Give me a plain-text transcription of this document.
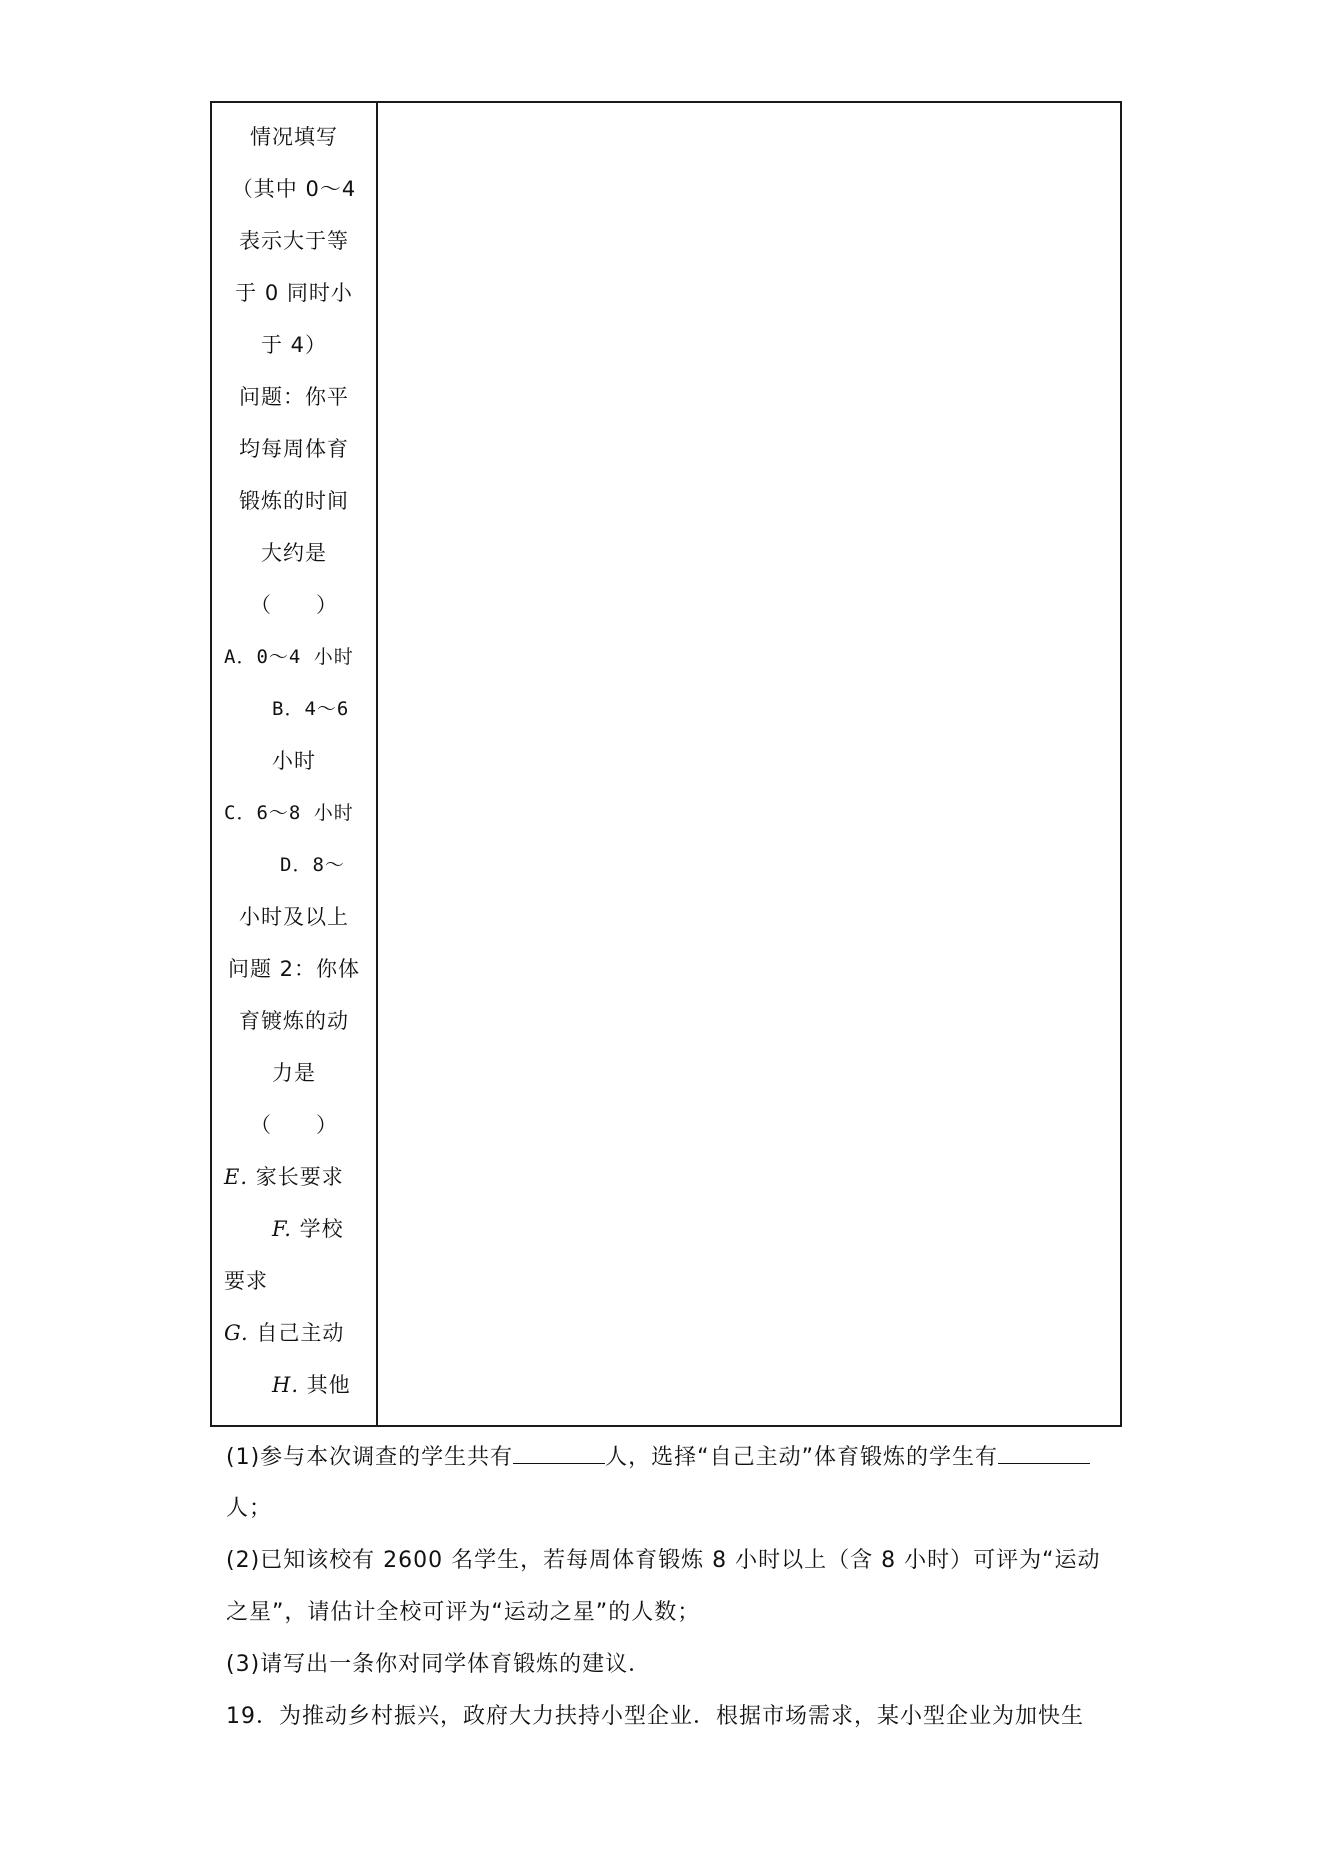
情况填写
（其中 0～4
表示大于等
于 0 同时小
于 4）
问题：你平
均每周体育
锻炼的时间
大约是
（　　）
A．0～4 小时
B．4～6
小时
C．6～8 小时
D．8～
小时及以上
问题 2：你体
育镀炼的动
力是
（　　）
E. 家长要求
F. 学校
要求
G. 自己主动
H. 其他
(1)参与本次调查的学生共有	人，选择“自己主动”体育锻炼的学生有
人；
(2)已知该校有 2600 名学生，若每周体育锻炼 8 小时以上（含 8 小时）可评为“运动
之星”，请估计全校可评为“运动之星”的人数；
(3)请写出一条你对同学体育锻炼的建议．
19．为推动乡村振兴，政府大力扶持小型企业．根据市场需求，某小型企业为加快生
